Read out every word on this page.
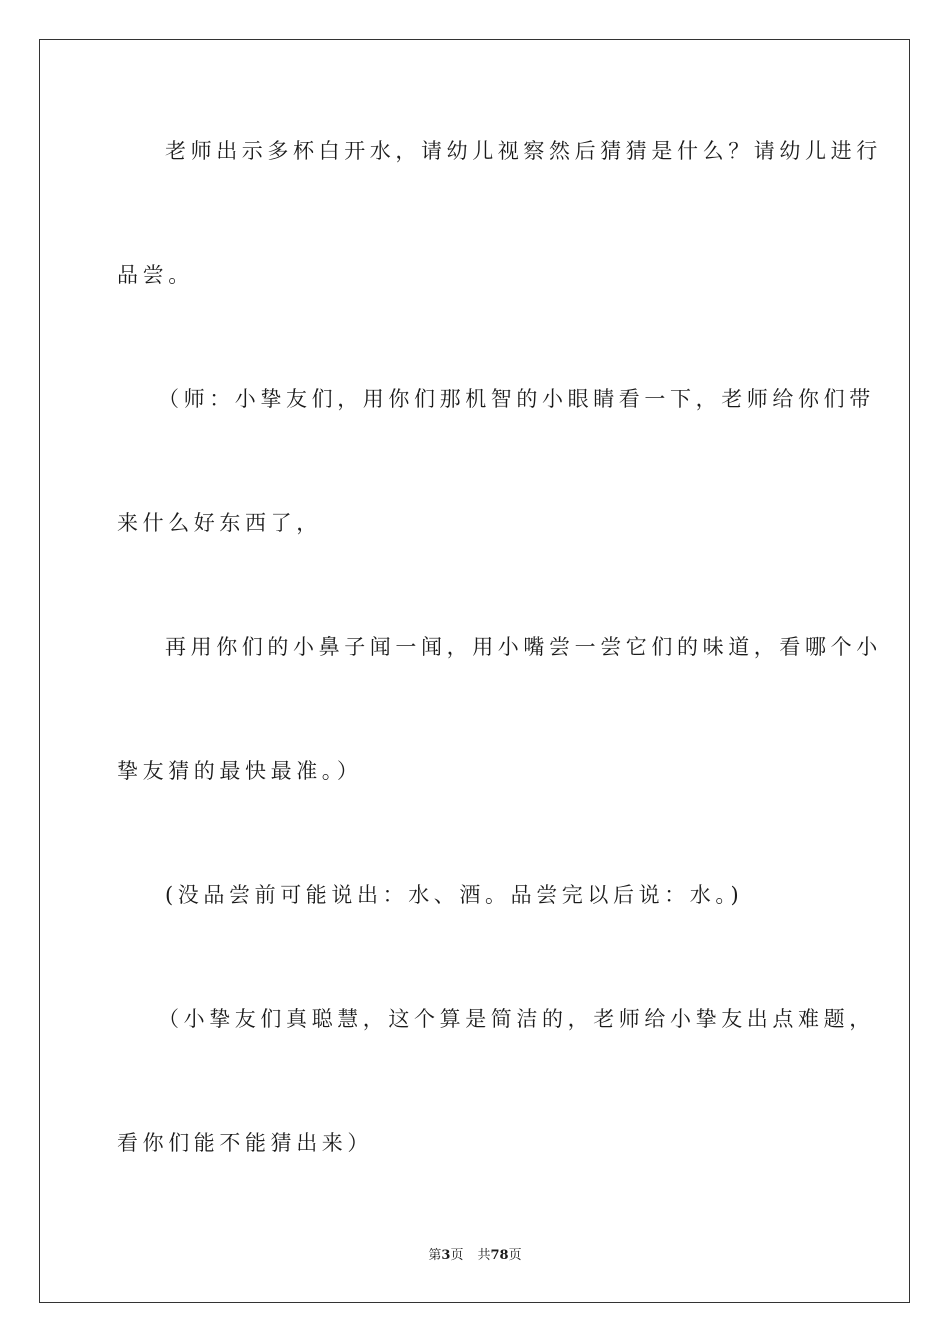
老师出示多杯白开水，请幼儿视察然后猜猜是什么？请幼儿进行
品尝。
（师：小挚友们，用你们那机智的小眼睛看一下，老师给你们带
来什么好东西了，
再用你们的小鼻子闻一闻，用小嘴尝一尝它们的味道，看哪个小
挚友猜的最快最准。）
(没品尝前可能说出：水、酒。品尝完以后说：水。)
（小挚友们真聪慧，这个算是简洁的，老师给小挚友出点难题，
看你们能不能猜出来）
第3页 共78页
